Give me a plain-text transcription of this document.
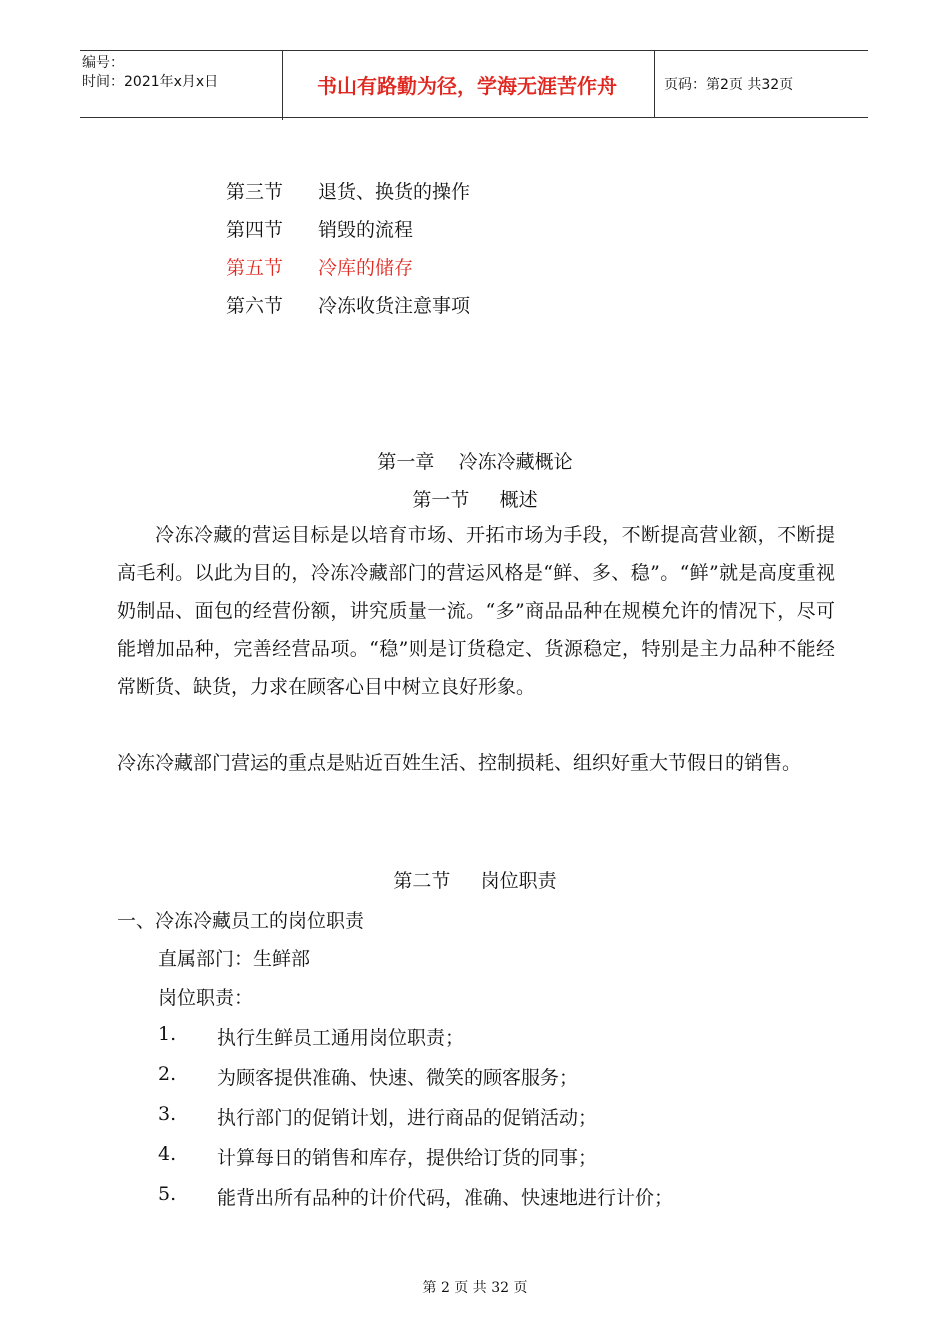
编号：
时间：2021年x月x日	书山有路勤为径，学海无涯苦作舟	页码：第2页 共32页
第三节 退货、换货的操作
第四节 销毁的流程
第五节 冷库的储存
第六节 冷冻收货注意事项
第一章    冷冻冷藏概论
第一节     概述
冷冻冷藏的营运目标是以培育市场、开拓市场为手段，不断提高营业额，不断提高毛利。以此为目的，冷冻冷藏部门的营运风格是“鲜、多、稳”。“鲜”就是高度重视奶制品、面包的经营份额，讲究质量一流。“多”商品品种在规模允许的情况下，尽可能增加品种，完善经营品项。“稳”则是订货稳定、货源稳定，特别是主力品种不能经常断货、缺货，力求在顾客心目中树立良好形象。
冷冻冷藏部门营运的重点是贴近百姓生活、控制损耗、组织好重大节假日的销售。
第二节     岗位职责
一、冷冻冷藏员工的岗位职责
直属部门：生鲜部
岗位职责：
1. 执行生鲜员工通用岗位职责；
2. 为顾客提供准确、快速、微笑的顾客服务；
3. 执行部门的促销计划，进行商品的促销活动；
4. 计算每日的销售和库存，提供给订货的同事；
5. 能背出所有品种的计价代码，准确、快速地进行计价；
第 2 页 共 32 页
